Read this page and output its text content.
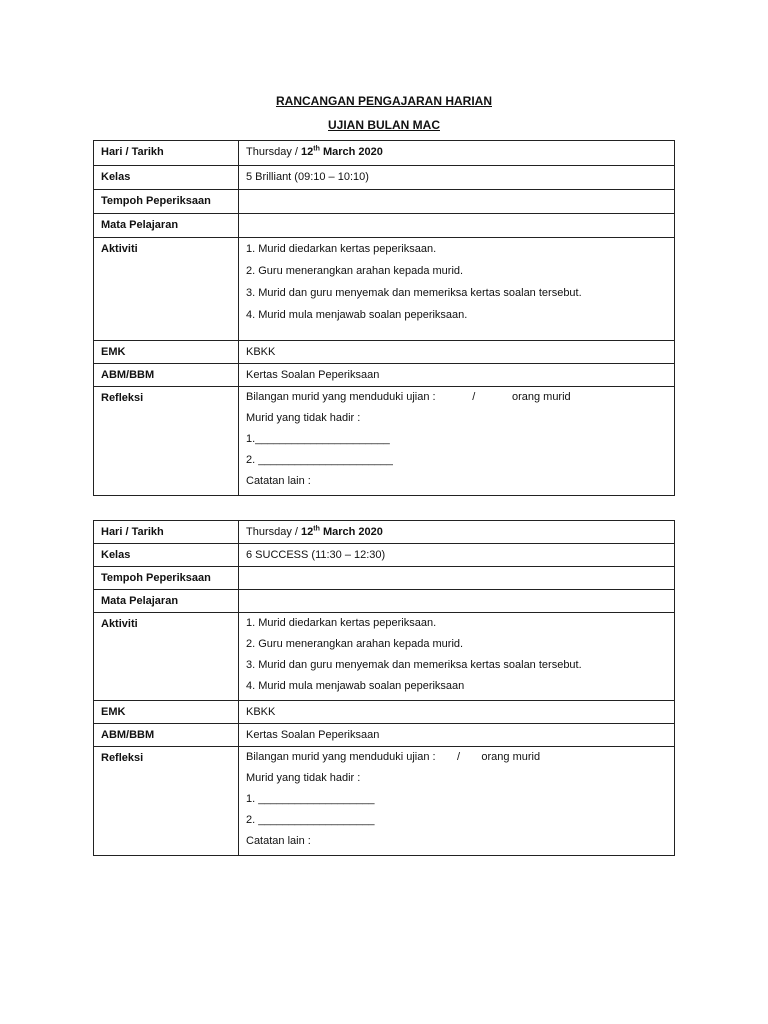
RANCANGAN PENGAJARAN HARIAN
UJIAN BULAN MAC
Hari / Tarikh	Thursday / 12th March 2020

Kelas	5 Brilliant (09:10 – 10:10)

Tempoh Peperiksaan	

Mata Pelajaran	

Aktiviti	1. Murid diedarkan kertas peperiksaan.
2. Guru menerangkan arahan kepada murid.
3. Murid dan guru menyemak dan memeriksa kertas soalan tersebut.
4. Murid mula menjawab soalan peperiksaan.

EMK	KBKK

ABM/BBM	Kertas Soalan Peperiksaan

Refleksi	Bilangan murid yang menduduki ujian :            /            orang murid
Murid yang tidak hadir :
1.______________________
2. ______________________
Catatan lain :
Hari / Tarikh	Thursday / 12th March 2020

Kelas	6 SUCCESS (11:30 – 12:30)

Tempoh Peperiksaan	

Mata Pelajaran	

Aktiviti	1. Murid diedarkan kertas peperiksaan.
2. Guru menerangkan arahan kepada murid.
3. Murid dan guru menyemak dan memeriksa kertas soalan tersebut.
4. Murid mula menjawab soalan peperiksaan

EMK	KBKK

ABM/BBM	Kertas Soalan Peperiksaan

Refleksi	Bilangan murid yang menduduki ujian :       /       orang murid
Murid yang tidak hadir :
1. ___________________
2. ___________________
Catatan lain :
